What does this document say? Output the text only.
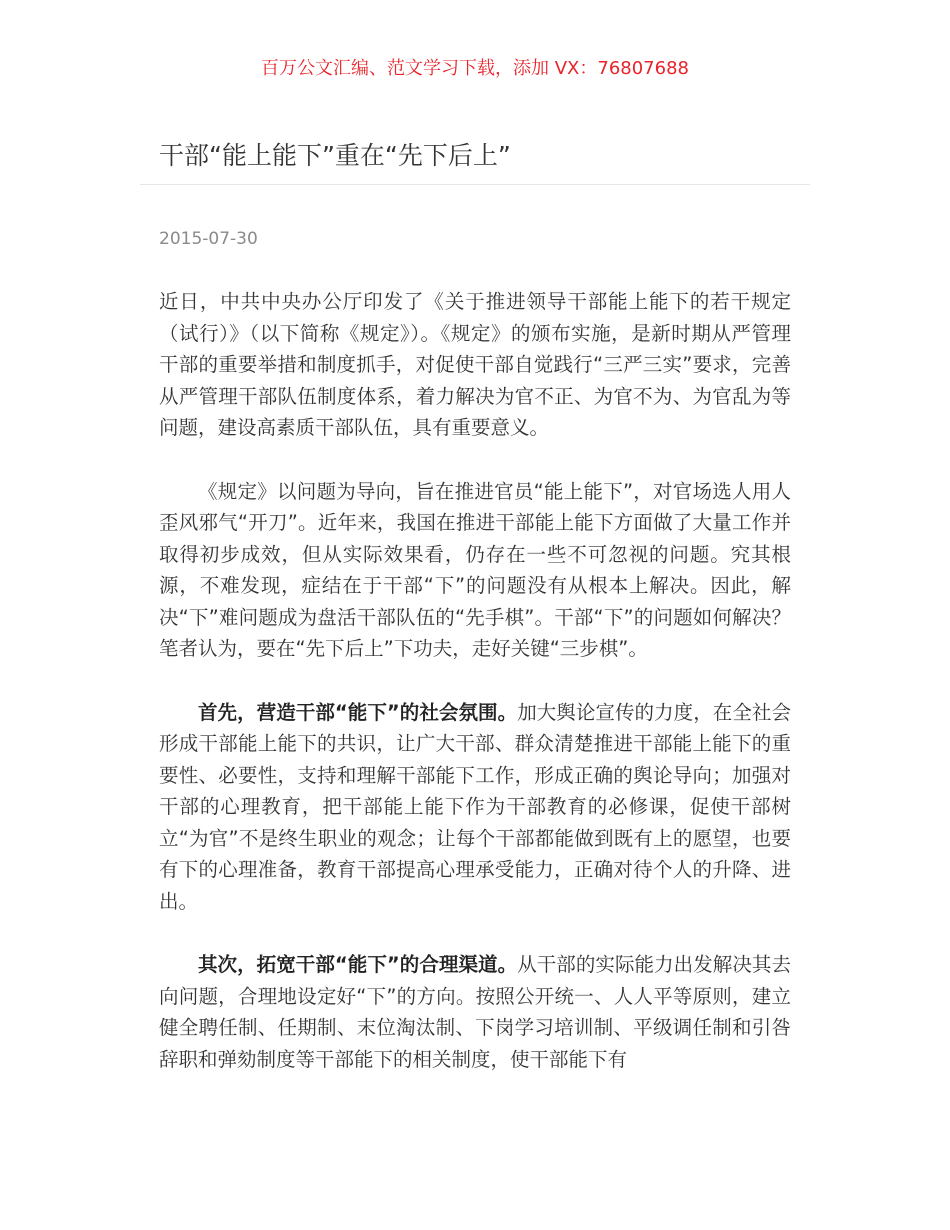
百万公文汇编、范文学习下载，添加 VX：76807688
干部“能上能下”重在“先下后上”
2015-07-30

近日，中共中央办公厅印发了《关于推进领导干部能上能下的若干规定（试行）》（以下简称《规定》）。《规定》的颁布实施，是新时期从严管理干部的重要举措和制度抓手，对促使干部自觉践行“三严三实”要求，完善从严管理干部队伍制度体系，着力解决为官不正、为官不为、为官乱为等问题，建设高素质干部队伍，具有重要意义。

《规定》以问题为导向，旨在推进官员“能上能下”，对官场选人用人歪风邪气“开刀”。近年来，我国在推进干部能上能下方面做了大量工作并取得初步成效，但从实际效果看，仍存在一些不可忽视的问题。究其根源，不难发现，症结在于干部“下”的问题没有从根本上解决。因此，解决“下”难问题成为盘活干部队伍的“先手棋”。干部“下”的问题如何解决？笔者认为，要在“先下后上”下功夫，走好关键“三步棋”。

首先，营造干部“能下”的社会氛围。加大舆论宣传的力度，在全社会形成干部能上能下的共识，让广大干部、群众清楚推进干部能上能下的重要性、必要性，支持和理解干部能下工作，形成正确的舆论导向；加强对干部的心理教育，把干部能上能下作为干部教育的必修课，促使干部树立“为官”不是终生职业的观念；让每个干部都能做到既有上的愿望，也要有下的心理准备，教育干部提高心理承受能力，正确对待个人的升降、进出。

其次，拓宽干部“能下”的合理渠道。从干部的实际能力出发解决其去向问题，合理地设定好“下”的方向。按照公开统一、人人平等原则，建立健全聘任制、任期制、末位淘汰制、下岗学习培训制、平级调任制和引咎辞职和弹劾制度等干部能下的相关制度，使干部能下有
